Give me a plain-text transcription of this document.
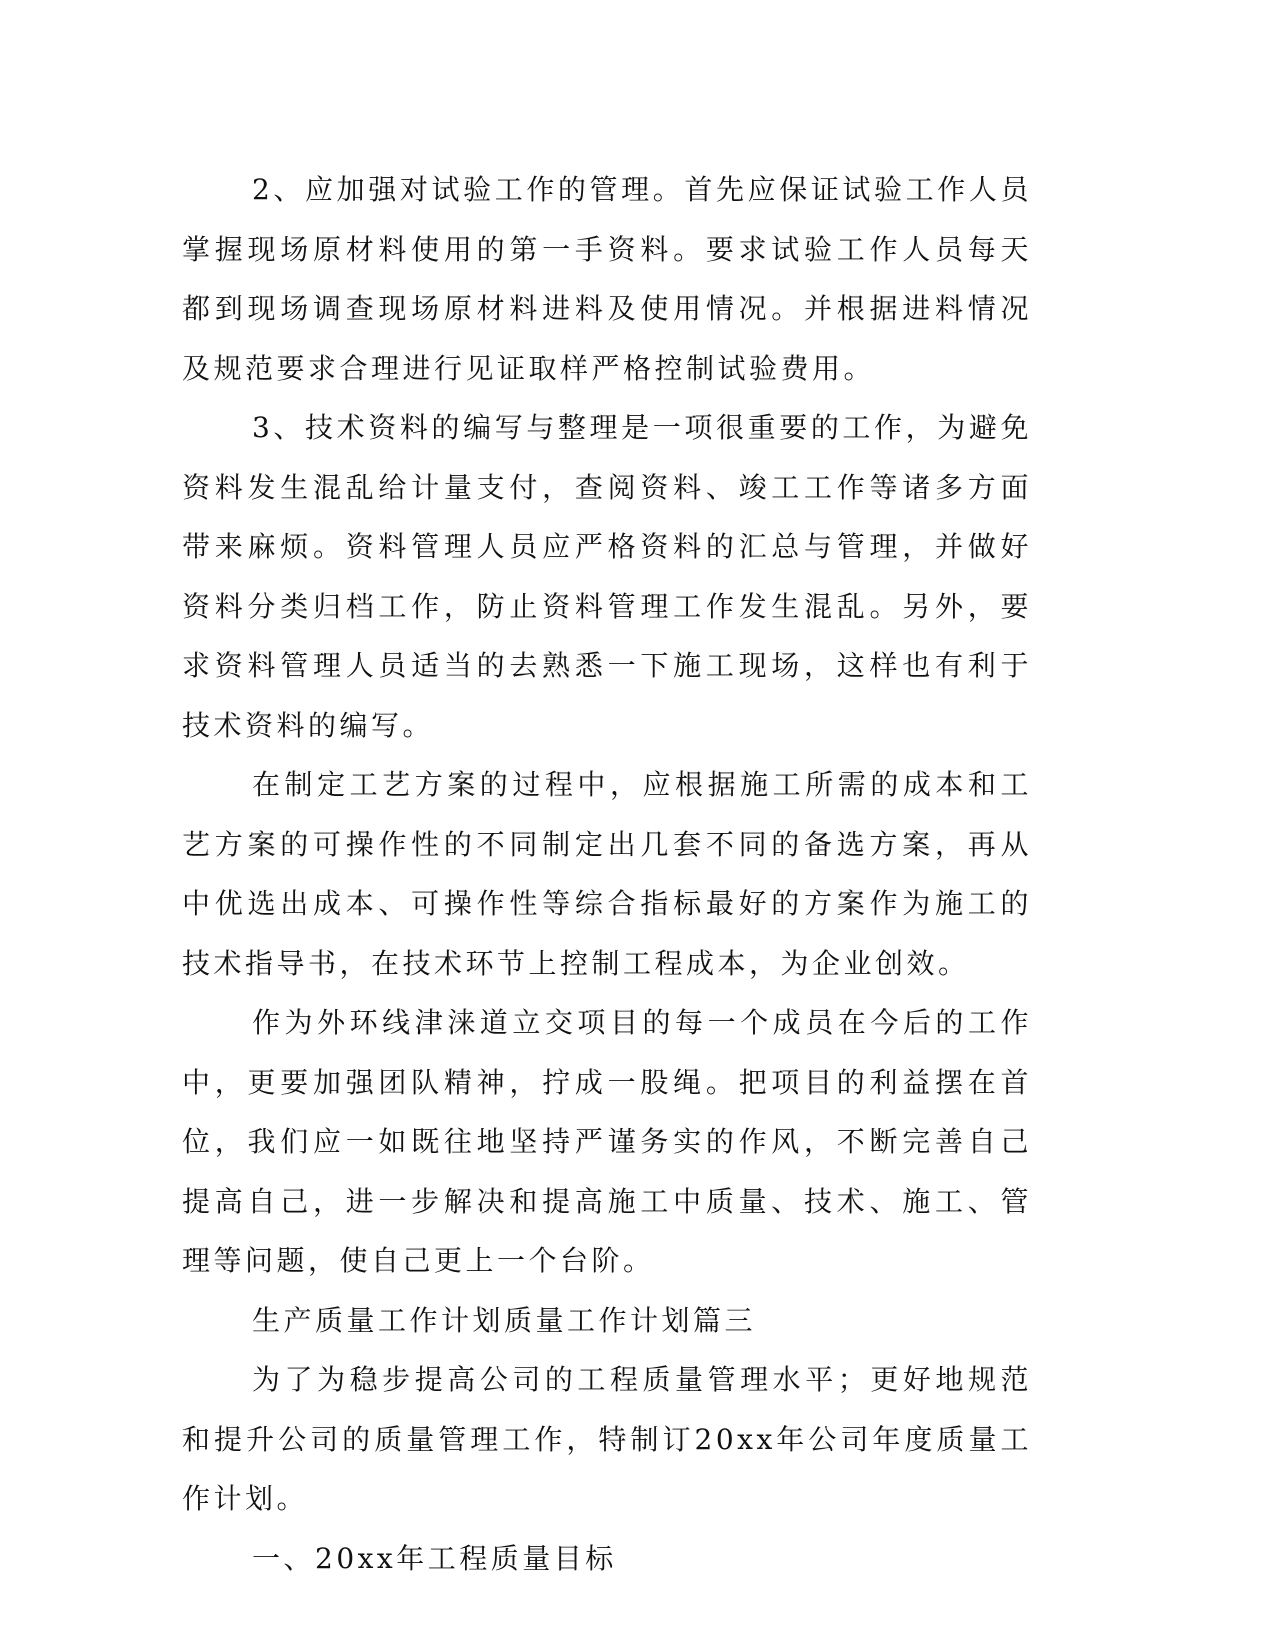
2、应加强对试验工作的管理。首先应保证试验工作人员掌握现场原材料使用的第一手资料。要求试验工作人员每天都到现场调查现场原材料进料及使用情况。并根据进料情况及规范要求合理进行见证取样严格控制试验费用。

3、技术资料的编写与整理是一项很重要的工作，为避免资料发生混乱给计量支付，查阅资料、竣工工作等诸多方面带来麻烦。资料管理人员应严格资料的汇总与管理，并做好资料分类归档工作，防止资料管理工作发生混乱。另外，要求资料管理人员适当的去熟悉一下施工现场，这样也有利于技术资料的编写。

在制定工艺方案的过程中，应根据施工所需的成本和工艺方案的可操作性的不同制定出几套不同的备选方案，再从中优选出成本、可操作性等综合指标最好的方案作为施工的技术指导书，在技术环节上控制工程成本，为企业创效。

作为外环线津涞道立交项目的每一个成员在今后的工作中，更要加强团队精神，拧成一股绳。把项目的利益摆在首位，我们应一如既往地坚持严谨务实的作风，不断完善自己提高自己，进一步解决和提高施工中质量、技术、施工、管理等问题，使自己更上一个台阶。

生产质量工作计划质量工作计划篇三

为了为稳步提高公司的工程质量管理水平；更好地规范和提升公司的质量管理工作，特制订20xx年公司年度质量工作计划。

一、20xx年工程质量目标
